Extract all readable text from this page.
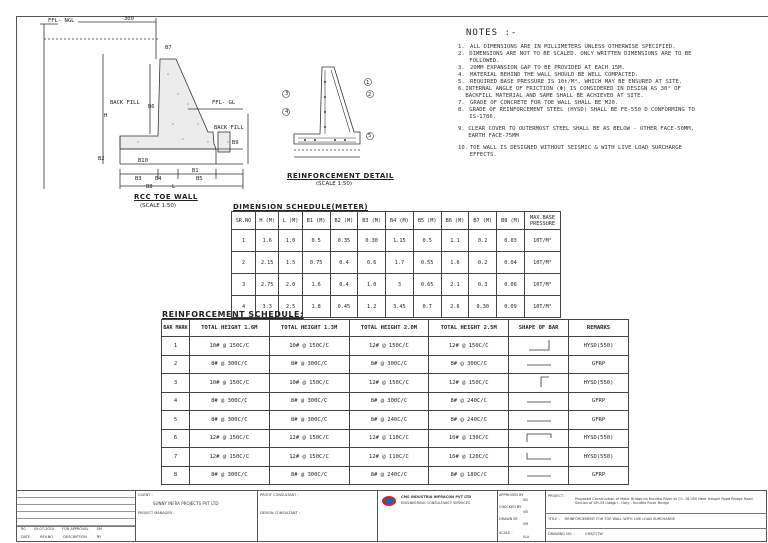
FFL- NGL	300
B7
BACK FILL
B6
H
FFL- GL
BACK FILL
B9
B2	B10
B1
B3 B4	B5
B8	L
RCC TOE WALL
(SCALE 1:50)
1
2
3
4
5
REINFORCEMENT DETAIL
(SCALE 1:50)
NOTES :-
1. ALL DIMENSIONS ARE IN MILLIMETERS UNLESS OTHERWISE SPECIFIED.
2. DIMENSIONS ARE NOT TO BE SCALED. ONLY WRITTEN DIMENSIONS ARE TO BE FOLLOWED.
3. 20MM EXPANSION GAP TO BE PROVIDED AT EACH 15M.
4. MATERIAL BEHIND THE WALL SHOULD BE WELL COMPACTED.
5. REQUIRED BASE PRESSURE IS 10t/M², WHICH MAY BE ENSURED AT SITE.
6. INTERNAL ANGLE OF FRICTION (Φ) IS CONSIDERED IN DESIGN AS 30° OF BACKFILL MATERIAL AND SAME SHALL BE ACHIEVED AT SITE.
7. GRADE OF CONCRETE FOR TOE WALL SHALL BE M20.
8. GRADE OF REINFORCEMENT STEEL (HYSD) SHALL BE FE-550 D CONFORMING TO IS-1786.
9. CLEAR COVER TO OUTERMOST STEEL SHALL BE AS BELOW - OTHER FACE-50MM, EARTH FACE-75MM
10. TOE WALL IS DESIGNED WITHOUT SEISMIC & WITH LIVE LOAD SURCHARGE EFFECTS.
DIMENSION SCHEDULE(METER)
SR.NO	H (M)	L (M)	B1 (M)	B2 (M)	B3 (M)	B4 (M)	B5 (M)	B6 (M)	B7 (M)	B8 (M)	MAX.BASE PRESSURE
1	1.6	1.0	0.5	0.35	0.30	1.15	0.5	1.1	0.2	0.03	10T/M²
2	2.15	1.5	0.75	0.4	0.6	1.7	0.55	1.6	0.2	0.04	10T/M²
3	2.75	2.0	1.6	0.4	1.0	3	0.65	2.1	0.3	0.06	10T/M²
4	3.3	2.5	1.8	0.45	1.2	3.45	0.7	2.6	0.30	0.09	10T/M²
REINFORCEMENT SCHEDULE:
BAR MARK	TOTAL HEIGHT 1.6M	TOTAL HEIGHT 1.3M	TOTAL HEIGHT 2.0M	TOTAL HEIGHT 2.5M	SHAPE OF BAR	REMARKS
1	10# @ 150C/C	10# @ 150C/C	12# @ 150C/C	12# @ 150C/C		HYSD(550)
2	8# @ 300C/C	8# @ 300C/C	8# @ 300C/C	8# @ 300C/C		GFRP
3	10# @ 150C/C	10# @ 150C/C	12# @ 150C/C	12# @ 150C/C		HYSD(550)
4	8# @ 300C/C	8# @ 300C/C	8# @ 300C/C	8# @ 240C/C		GFRP
5	8# @ 300C/C	8# @ 300C/C	8# @ 240C/C	8# @ 240C/C		GFRP
6	12# @ 150C/C	12# @ 150C/C	12# @ 110C/C	16# @ 130C/C		HYSD(550)
7	12# @ 150C/C	12# @ 150C/C	12# @ 110C/C	16# @ 120C/C		HYSD(550)
8	8# @ 300C/C	8# @ 300C/C	8# @ 240C/C	8# @ 180C/C		GFRP
R0 09-07-2024 FOR APPROVAL SM
DATE	REV.NO	DESCRIPTION	BY
CLIENT :
SUNNY INFRA PROJECTS PVT LTD
PROJECT MANAGER :
PROOF CONSULTANT :
DESIGN CONSULTANT :
CMS INDUSTRIA INFRACON PVT LTD
ENGINEERING CONSULTANCY SERVICES
APPROVED BY
SB
CHECKED BY
VB
DRAWN BY
SM
SCALE :
N.A
PROJECT :
Proposed Construction of Major Bridge on Kundha River at Ch. 16.050 Near Udagiri Road Bridge Road Section of SH-34 Udagiri - Ooty - Kundha River Bridge
TITLE : REINFORCEMENT FOR TOE WALL WITH LIVE LOAD SURCHARGE
DRAWING NO. :	CMS/T/TW
